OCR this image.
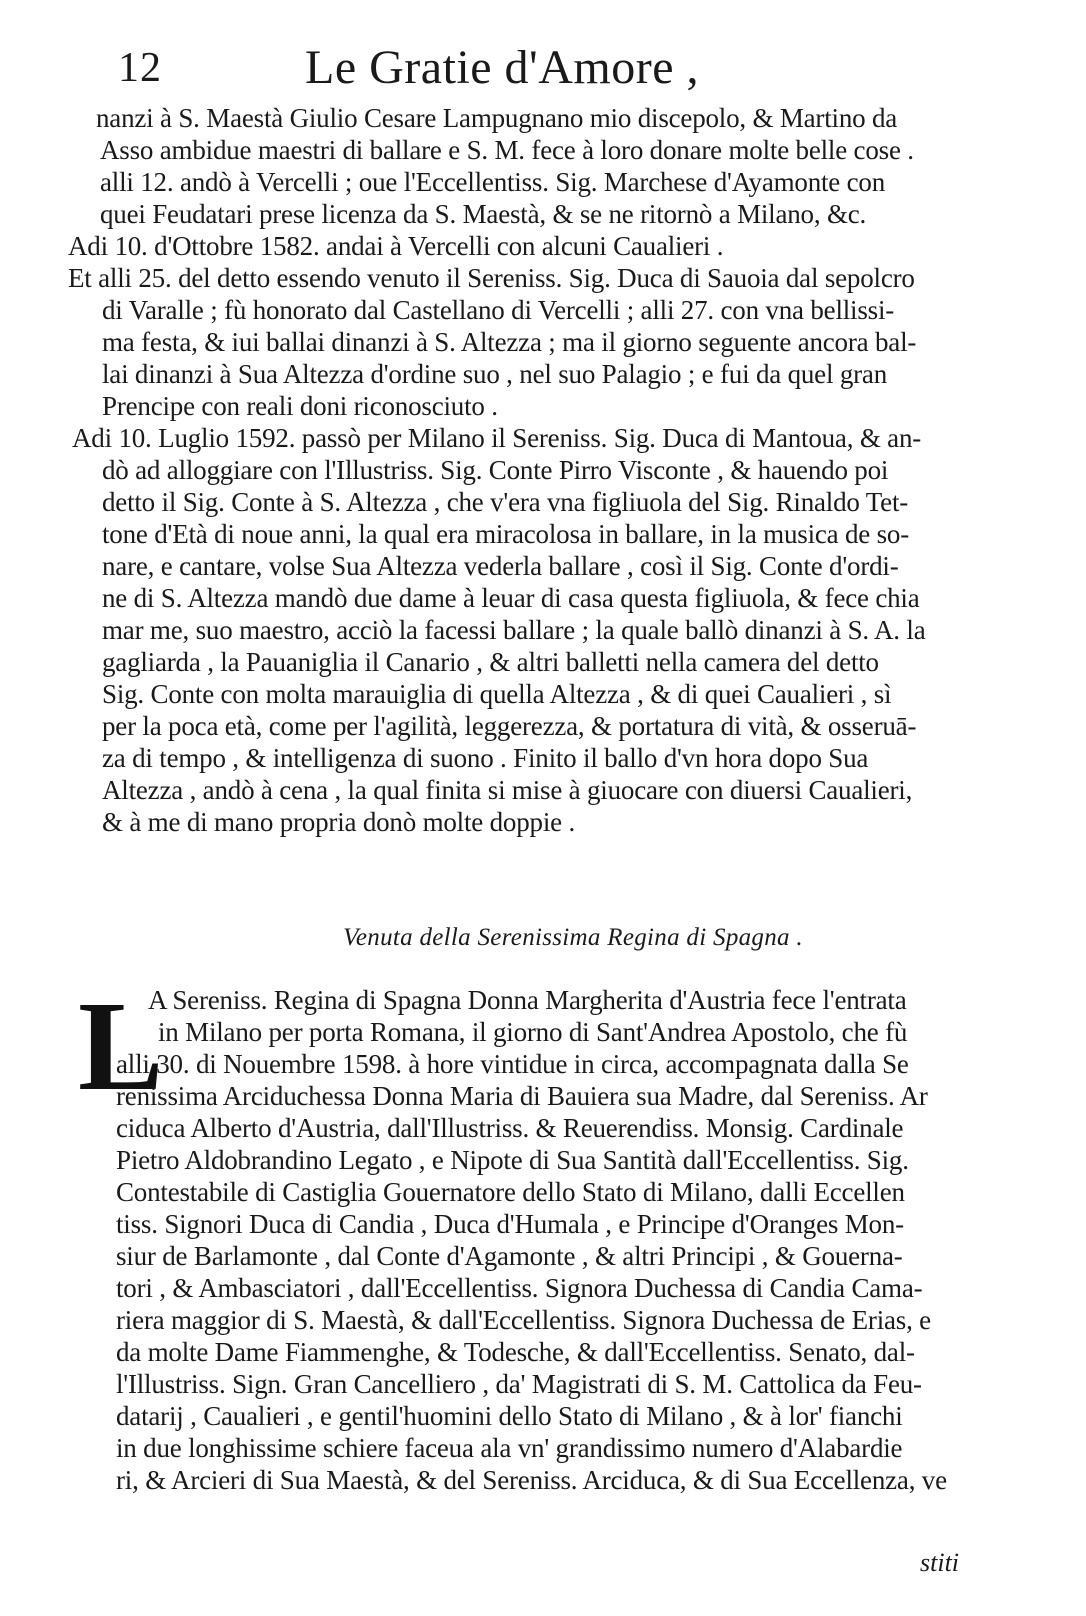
12	Le Gratie d'Amore ,
nanzi à S. Maestà Giulio Cesare Lampugnano mio discepolo, & Martino da
Asso ambidue maestri di ballare e S. M. fece à loro donare molte belle cose .
alli 12. andò à Vercelli ; oue l'Eccellentiss. Sig. Marchese d'Ayamonte con
quei Feudatari prese licenza da S. Maestà, & se ne ritornò a Milano, &c.
Adi 10. d'Ottobre 1582. andai à Vercelli con alcuni Caualieri .
Et alli 25. del detto essendo venuto il Sereniss. Sig. Duca di Sauoia dal sepolcro
di Varalle ; fù honorato dal Castellano di Vercelli ; alli 27. con vna bellissi-
ma festa, & iui ballai dinanzi à S. Altezza ; ma il giorno seguente ancora bal-
lai dinanzi à Sua Altezza d'ordine suo , nel suo Palagio ; e fui da quel gran
Prencipe con reali doni riconosciuto .
Adi 10. Luglio 1592. passò per Milano il Sereniss. Sig. Duca di Mantoua, & an-
dò ad alloggiare con l'Illustriss. Sig. Conte Pirro Visconte , & hauendo poi
detto il Sig. Conte à S. Altezza , che v'era vna figliuola del Sig. Rinaldo Tet-
tone d'Età di noue anni, la qual era miracolosa in ballare, in la musica de so-
nare, e cantare, volse Sua Altezza vederla ballare , così il Sig. Conte d'ordi-
ne di S. Altezza mandò due dame à leuar di casa questa figliuola, & fece chia
mar me, suo maestro, acciò la facessi ballare ; la quale ballò dinanzi à S. A. la
gagliarda , la Pauaniglia il Canario , & altri balletti nella camera del detto
Sig. Conte con molta marauiglia di quella Altezza , & di quei Caualieri , sì
per la poca età, come per l'agilità, leggerezza, & portatura di vità, & osseruā-
za di tempo , & intelligenza di suono . Finito il ballo d'vn hora dopo Sua
Altezza , andò à cena , la qual finita si mise à giuocare con diuersi Caualieri,
& à me di mano propria donò molte doppie .
Venuta della Serenissima Regina di Spagna .
L
A Sereniss. Regina di Spagna Donna Margherita d'Austria fece l'entrata
in Milano per porta Romana, il giorno di Sant'Andrea Apostolo, che fù
alli 30. di Nouembre 1598. à hore vintidue in circa, accompagnata dalla Se
renissima Arciduchessa Donna Maria di Bauiera sua Madre, dal Sereniss. Ar
ciduca Alberto d'Austria, dall'Illustriss. & Reuerendiss. Monsig. Cardinale
Pietro Aldobrandino Legato , e Nipote di Sua Santità dall'Eccellentiss. Sig.
Contestabile di Castiglia Gouernatore dello Stato di Milano, dalli Eccellen
tiss. Signori Duca di Candia , Duca d'Humala , e Principe d'Oranges Mon-
siur de Barlamonte , dal Conte d'Agamonte , & altri Principi , & Gouerna-
tori , & Ambasciatori , dall'Eccellentiss. Signora Duchessa di Candia Cama-
riera maggior di S. Maestà, & dall'Eccellentiss. Signora Duchessa de Erias, e
da molte Dame Fiammenghe, & Todesche, & dall'Eccellentiss. Senato, dal-
l'Illustriss. Sign. Gran Cancelliero , da' Magistrati di S. M. Cattolica da Feu-
datarij , Caualieri , e gentil'huomini dello Stato di Milano , & à lor' fianchi
in due longhissime schiere faceua ala vn' grandissimo numero d'Alabardie
ri, & Arcieri di Sua Maestà, & del Sereniss. Arciduca, & di Sua Eccellenza, ve
stiti
